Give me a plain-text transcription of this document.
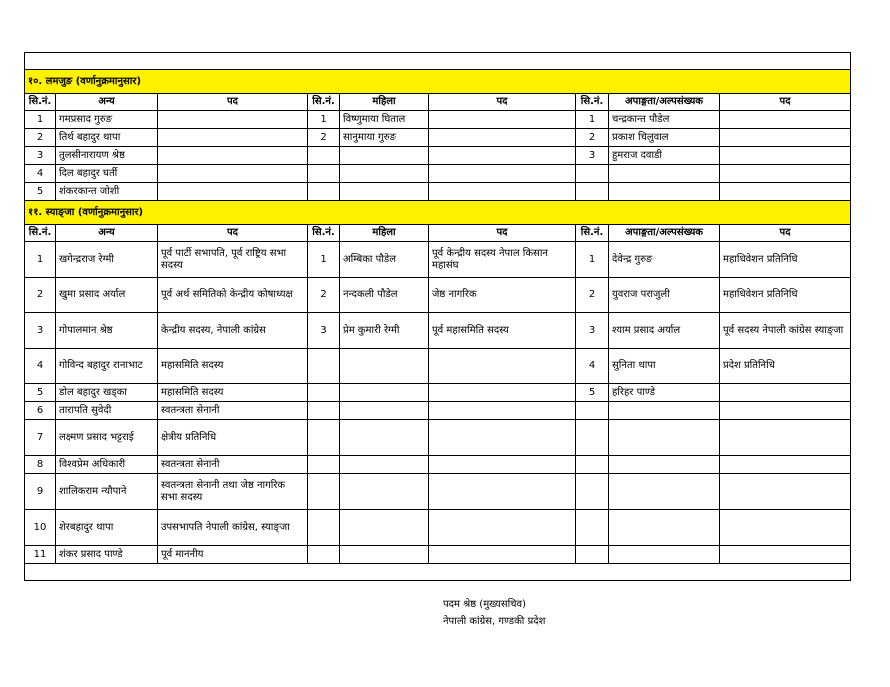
१०. लमजुङ (वर्णानुक्रमानुसार)								
सि.नं.	अन्य	पद	सि.नं.	महिला	पद	सि.नं.	अपाङ्गता/अल्पसंख्यक	पद
1	गमप्रसाद गुरुङ		1	विष्णुमाया घिताल		1	चन्द्रकान्त पौडेल	
2	तिर्थ बहादुर थापा		2	सानुमाया गुरुङ		2	प्रकाश चिलुवाल	
3	तुलसीनारायण श्रेष्ठ					3	हुमराज दवाडी	
4	दिल बहादुर घर्ती							
5	शंकरकान्त जोशी							
११. स्याङ्जा (वर्णानुक्रमानुसार)								
सि.नं.	अन्य	पद	सि.नं.	महिला	पद	सि.नं.	अपाङ्गता/अल्पसंख्यक	पद
1	खगेन्द्रराज रेग्मी	पूर्व पार्टी सभापति, पूर्व राष्ट्रिय सभा सदस्य	1	अम्बिका पौडेल	पूर्व केन्द्रीय सदस्य नेपाल किसान महासंघ	1	देवेन्द्र गुरुङ	महाधिवेशन प्रतिनिधि
2	खुमा प्रसाद अर्याल	पूर्व अर्थ समितिको केन्द्रीय कोषाध्यक्ष	2	नन्दकली पौडेल	जेष्ठ नागरिक	2	युवराज पराजुली	महाधिवेशन प्रतिनिधि
3	गोपालमान श्रेष्ठ	केन्द्रीय सदस्य, नेपाली कांग्रेस	3	प्रेम कुमारी रेग्मी	पूर्व महासमिति सदस्य	3	श्याम प्रसाद अर्याल	पूर्व सदस्य नेपाली कांग्रेस स्याङ्जा
4	गोविन्द बहादुर रानाभाट	महासमिति सदस्य				4	सुनिता थापा	प्रदेश प्रतिनिधि
5	डोल बहादुर खड्का	महासमिति सदस्य				5	हरिहर पाण्डे	
6	तारापति सुवेदी	स्वतन्त्रता सेनानी						
7	लक्ष्मण प्रसाद भट्टराई	क्षेत्रीय प्रतिनिधि						
8	विश्वप्रेम अधिकारी	स्वतन्त्रता सेनानी						
9	शालिकराम न्यौपाने	स्वतन्त्रता सेनानी तथा जेष्ठ नागरिक सभा सदस्य						
10	शेरबहादुर थापा	उपसभापति नेपाली कांग्रेस, स्याङ्जा						
11	शंकर प्रसाद पाण्डे	पूर्व माननीय						

पदम श्रेष्ठ (मुख्यसचिव)
नेपाली कांग्रेस, गण्डकी प्रदेश
